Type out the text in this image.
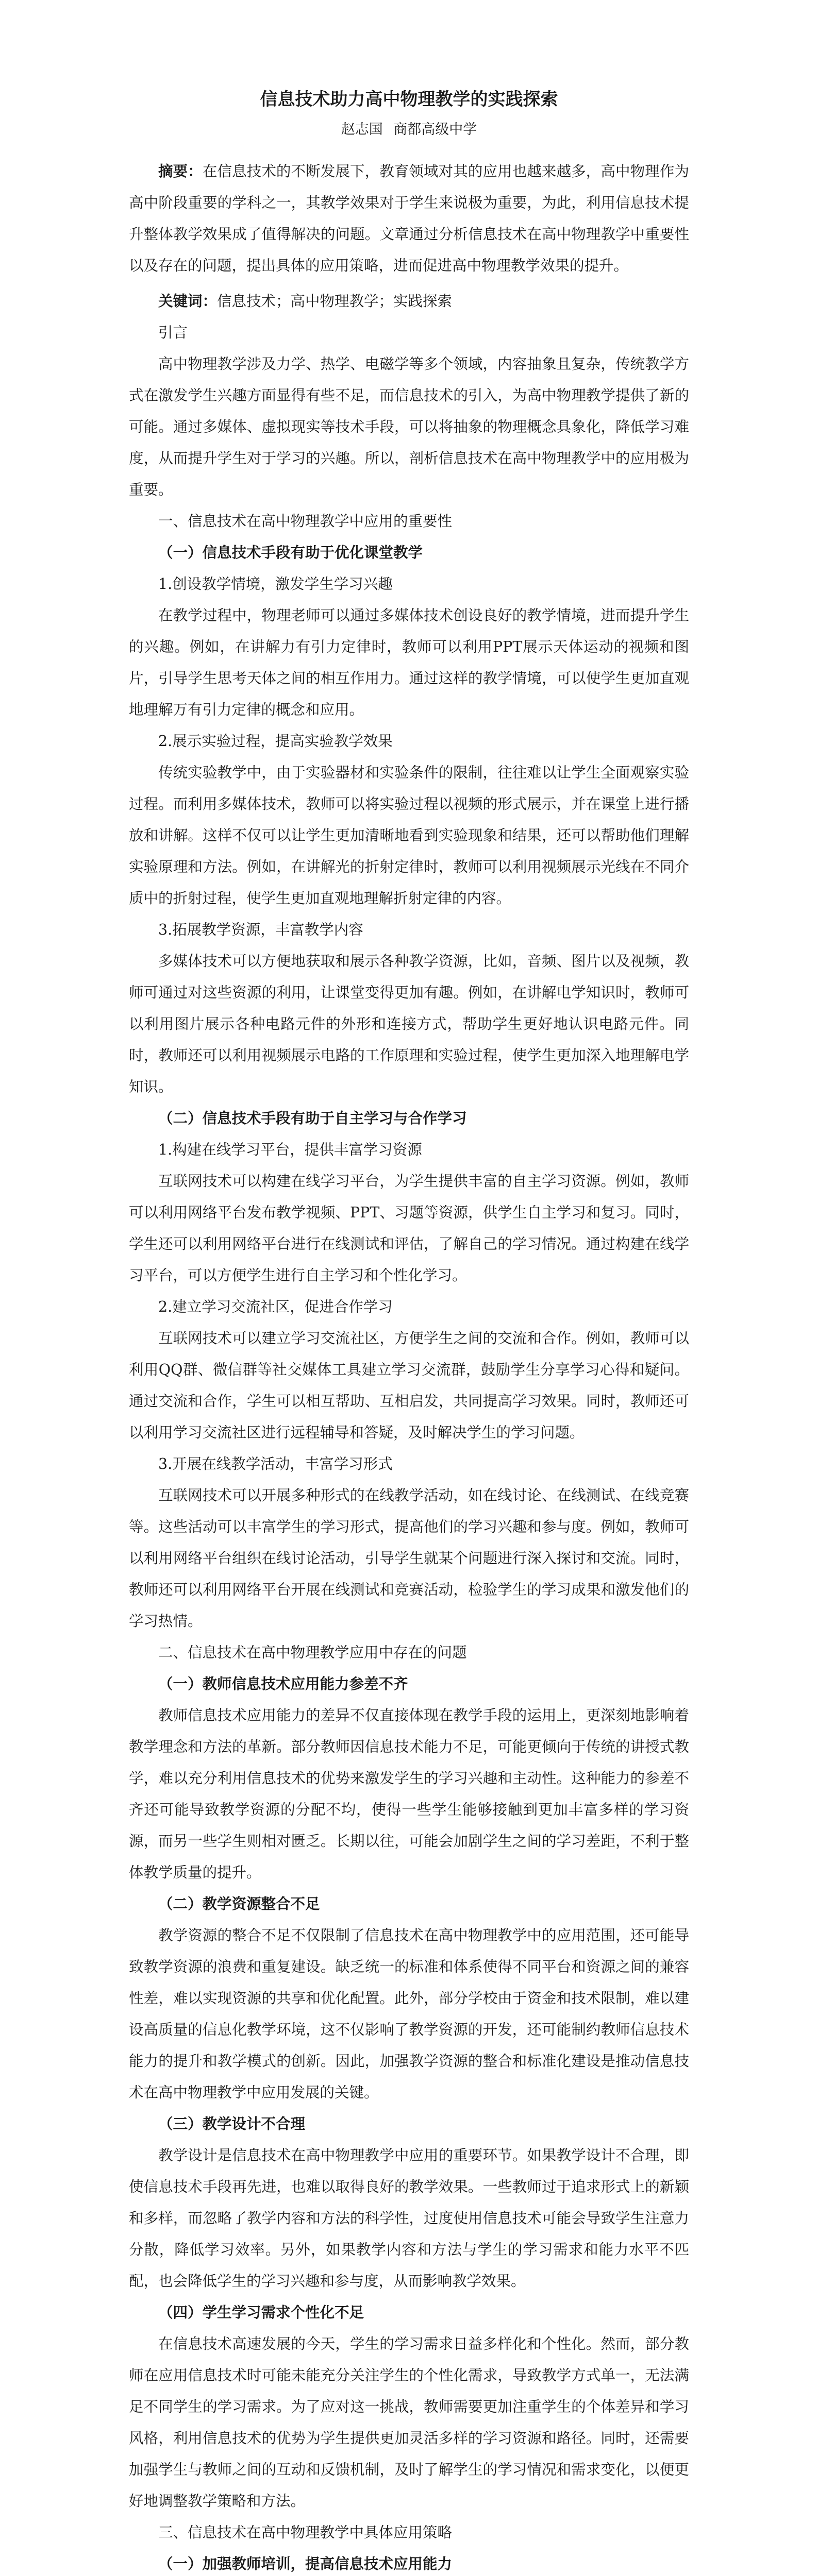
信息技术助力高中物理教学的实践探索
赵志国 商都高级中学

摘要：在信息技术的不断发展下，教育领域对其的应用也越来越多，高中物理作为高中阶段重要的学科之一，其教学效果对于学生来说极为重要，为此，利用信息技术提升整体教学效果成了值得解决的问题。文章通过分析信息技术在高中物理教学中重要性以及存在的问题，提出具体的应用策略，进而促进高中物理教学效果的提升。

关键词：信息技术；高中物理教学；实践探索

引言

高中物理教学涉及力学、热学、电磁学等多个领域，内容抽象且复杂，传统教学方式在激发学生兴趣方面显得有些不足，而信息技术的引入，为高中物理教学提供了新的可能。通过多媒体、虚拟现实等技术手段，可以将抽象的物理概念具象化，降低学习难度，从而提升学生对于学习的兴趣。所以，剖析信息技术在高中物理教学中的应用极为重要。

一、信息技术在高中物理教学中应用的重要性

（一）信息技术手段有助于优化课堂教学

1.创设教学情境，激发学生学习兴趣

在教学过程中，物理老师可以通过多媒体技术创设良好的教学情境，进而提升学生的兴趣。例如，在讲解力有引力定律时，教师可以利用PPT展示天体运动的视频和图片，引导学生思考天体之间的相互作用力。通过这样的教学情境，可以使学生更加直观地理解万有引力定律的概念和应用。

2.展示实验过程，提高实验教学效果

传统实验教学中，由于实验器材和实验条件的限制，往往难以让学生全面观察实验过程。而利用多媒体技术，教师可以将实验过程以视频的形式展示，并在课堂上进行播放和讲解。这样不仅可以让学生更加清晰地看到实验现象和结果，还可以帮助他们理解实验原理和方法。例如，在讲解光的折射定律时，教师可以利用视频展示光线在不同介质中的折射过程，使学生更加直观地理解折射定律的内容。

3.拓展教学资源，丰富教学内容

多媒体技术可以方便地获取和展示各种教学资源，比如，音频、图片以及视频，教师可通过对这些资源的利用，让课堂变得更加有趣。例如，在讲解电学知识时，教师可以利用图片展示各种电路元件的外形和连接方式，帮助学生更好地认识电路元件。同时，教师还可以利用视频展示电路的工作原理和实验过程，使学生更加深入地理解电学知识。

（二）信息技术手段有助于自主学习与合作学习

1.构建在线学习平台，提供丰富学习资源

互联网技术可以构建在线学习平台，为学生提供丰富的自主学习资源。例如，教师可以利用网络平台发布教学视频、PPT、习题等资源，供学生自主学习和复习。同时，学生还可以利用网络平台进行在线测试和评估，了解自己的学习情况。通过构建在线学习平台，可以方便学生进行自主学习和个性化学习。

2.建立学习交流社区，促进合作学习

互联网技术可以建立学习交流社区，方便学生之间的交流和合作。例如，教师可以利用QQ群、微信群等社交媒体工具建立学习交流群，鼓励学生分享学习心得和疑问。通过交流和合作，学生可以相互帮助、互相启发，共同提高学习效果。同时，教师还可以利用学习交流社区进行远程辅导和答疑，及时解决学生的学习问题。

3.开展在线教学活动，丰富学习形式

互联网技术可以开展多种形式的在线教学活动，如在线讨论、在线测试、在线竞赛等。这些活动可以丰富学生的学习形式，提高他们的学习兴趣和参与度。例如，教师可以利用网络平台组织在线讨论活动，引导学生就某个问题进行深入探讨和交流。同时，教师还可以利用网络平台开展在线测试和竞赛活动，检验学生的学习成果和激发他们的学习热情。

二、信息技术在高中物理教学应用中存在的问题

（一）教师信息技术应用能力参差不齐

教师信息技术应用能力的差异不仅直接体现在教学手段的运用上，更深刻地影响着教学理念和方法的革新。部分教师因信息技术能力不足，可能更倾向于传统的讲授式教学，难以充分利用信息技术的优势来激发学生的学习兴趣和主动性。这种能力的参差不齐还可能导致教学资源的分配不均，使得一些学生能够接触到更加丰富多样的学习资源，而另一些学生则相对匮乏。长期以往，可能会加剧学生之间的学习差距，不利于整体教学质量的提升。

（二）教学资源整合不足

教学资源的整合不足不仅限制了信息技术在高中物理教学中的应用范围，还可能导致教学资源的浪费和重复建设。缺乏统一的标准和体系使得不同平台和资源之间的兼容性差，难以实现资源的共享和优化配置。此外，部分学校由于资金和技术限制，难以建设高质量的信息化教学环境，这不仅影响了教学资源的开发，还可能制约教师信息技术能力的提升和教学模式的创新。因此，加强教学资源的整合和标准化建设是推动信息技术在高中物理教学中应用发展的关键。

（三）教学设计不合理

教学设计是信息技术在高中物理教学中应用的重要环节。如果教学设计不合理，即使信息技术手段再先进，也难以取得良好的教学效果。一些教师过于追求形式上的新颖和多样，而忽略了教学内容和方法的科学性，过度使用信息技术可能会导致学生注意力分散，降低学习效率。另外，如果教学内容和方法与学生的学习需求和能力水平不匹配，也会降低学生的学习兴趣和参与度，从而影响教学效果。

（四）学生学习需求个性化不足

在信息技术高速发展的今天，学生的学习需求日益多样化和个性化。然而，部分教师在应用信息技术时可能未能充分关注学生的个性化需求，导致教学方式单一，无法满足不同学生的学习需求。为了应对这一挑战，教师需要更加注重学生的个体差异和学习风格，利用信息技术的优势为学生提供更加灵活多样的学习资源和路径。同时，还需要加强学生与教师之间的互动和反馈机制，及时了解学生的学习情况和需求变化，以便更好地调整教学策略和方法。

三、信息技术在高中物理教学中具体应用策略

（一）加强教师培训，提高信息技术应用能力
